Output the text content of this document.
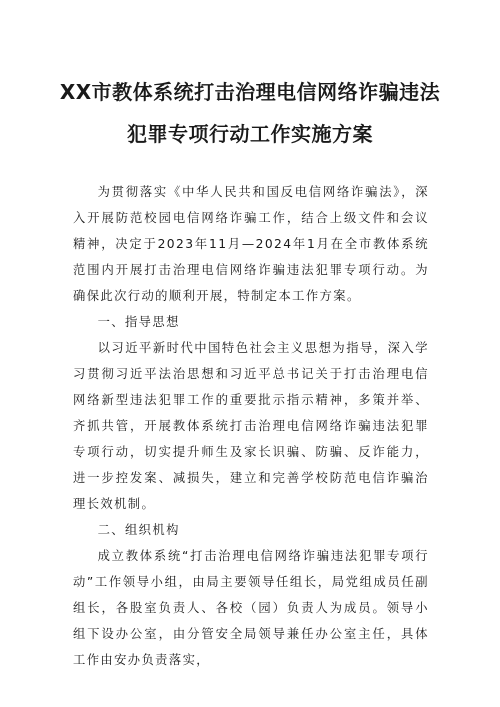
XX市教体系统打击治理电信网络诈骗违法
犯罪专项行动工作实施方案

为贯彻落实《中华人民共和国反电信网络诈骗法》，深入开展防范校园电信网络诈骗工作，结合上级文件和会议精神，决定于2023年11月—2024年1月在全市教体系统范围内开展打击治理电信网络诈骗违法犯罪专项行动。为确保此次行动的顺利开展，特制定本工作方案。

一、指导思想

以习近平新时代中国特色社会主义思想为指导，深入学习贯彻习近平法治思想和习近平总书记关于打击治理电信网络新型违法犯罪工作的重要批示指示精神，多策并举、齐抓共管，开展教体系统打击治理电信网络诈骗违法犯罪专项行动，切实提升师生及家长识骗、防骗、反诈能力，进一步控发案、减损失，建立和完善学校防范电信诈骗治理长效机制。

二、组织机构

成立教体系统“打击治理电信网络诈骗违法犯罪专项行动”工作领导小组，由局主要领导任组长，局党组成员任副组长，各股室负责人、各校（园）负责人为成员。领导小组下设办公室，由分管安全局领导兼任办公室主任，具体工作由安办负责落实，
